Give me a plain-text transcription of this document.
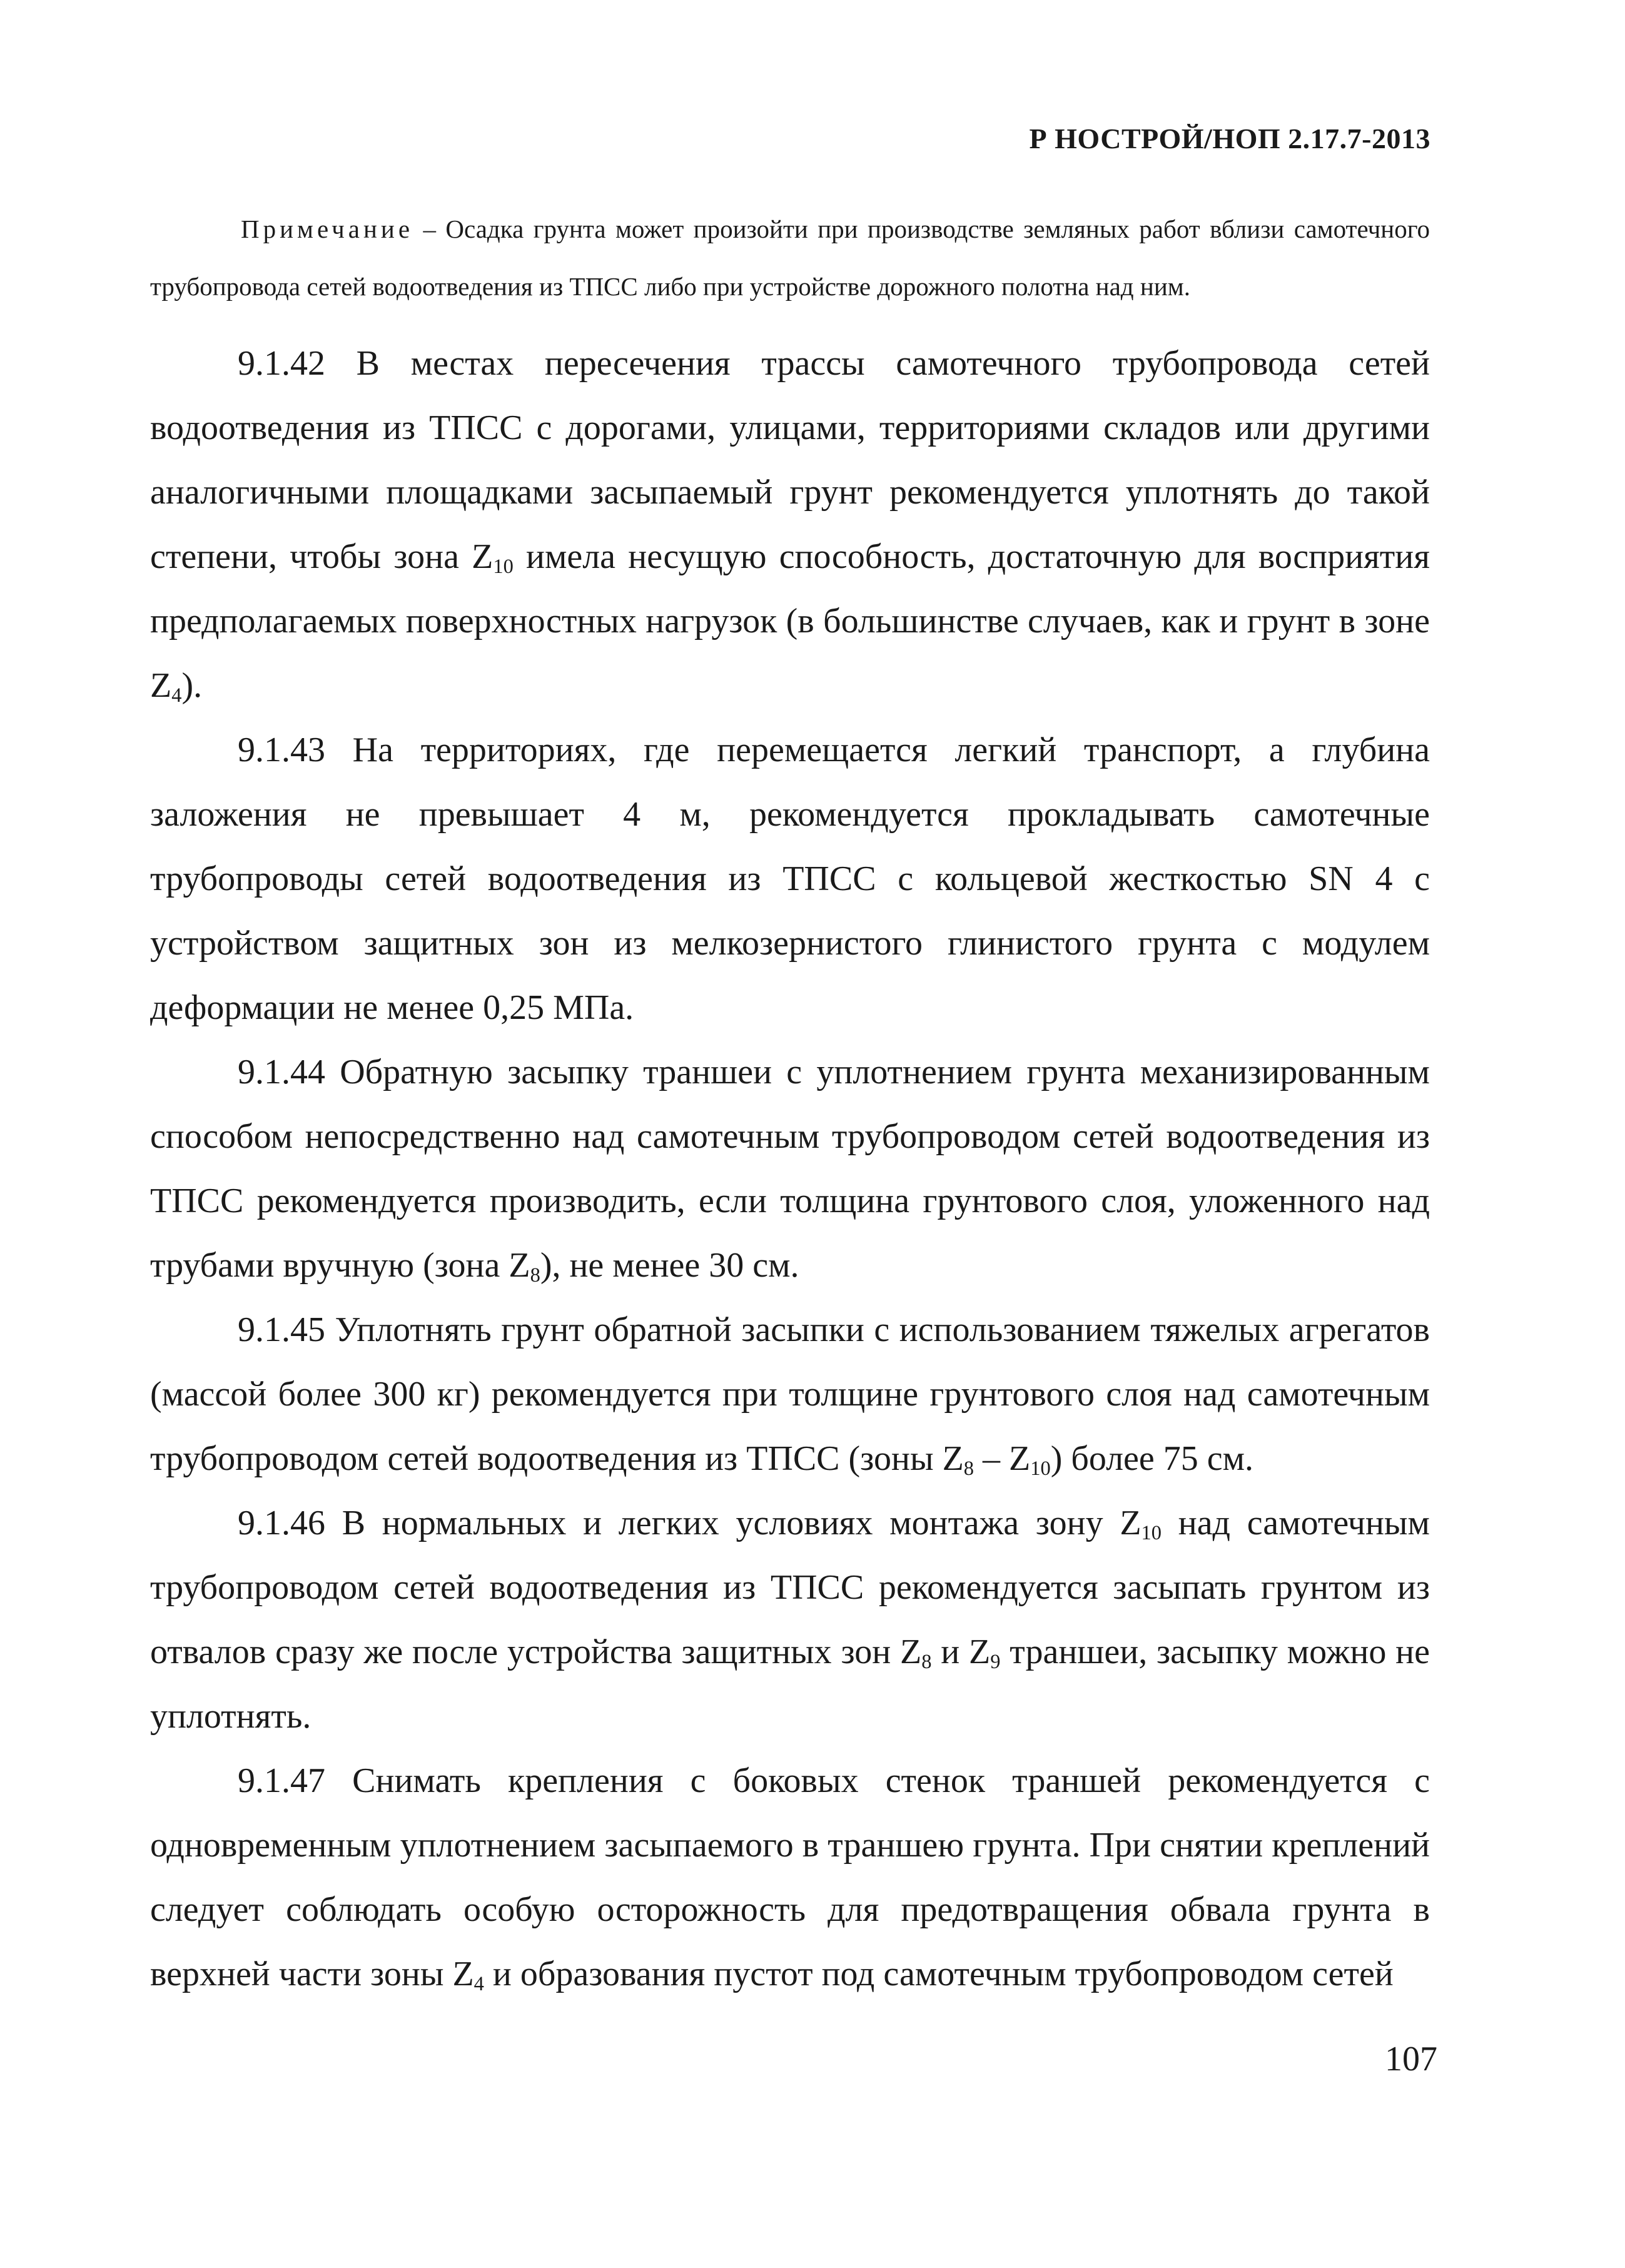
Р НОСТРОЙ/НОП 2.17.7-2013
Примечание – Осадка грунта может произойти при производстве земляных работ вблизи самотечного трубопровода сетей водоотведения из ТПСС либо при устройстве дорожного полотна над ним.

9.1.42 В местах пересечения трассы самотечного трубопровода сетей водоотведения из ТПСС с дорогами, улицами, территориями складов или другими аналогичными площадками засыпаемый грунт рекомендуется уплотнять до такой степени, чтобы зона $Z_{10}$ имела несущую способность, достаточную для восприятия предполагаемых поверхностных нагрузок (в большинстве случаев, как и грунт в зоне $Z_4$).

9.1.43 На территориях, где перемещается легкий транспорт, а глубина заложения не превышает 4 м, рекомендуется прокладывать самотечные трубопроводы сетей водоотведения из ТПСС с кольцевой жесткостью SN 4 с устройством защитных зон из мелкозернистого глинистого грунта с модулем деформации не менее 0,25 МПа.

9.1.44 Обратную засыпку траншеи с уплотнением грунта механизированным способом непосредственно над самотечным трубопроводом сетей водоотведения из ТПСС рекомендуется производить, если толщина грунтового слоя, уложенного над трубами вручную (зона $Z_8$), не менее 30 см.

9.1.45 Уплотнять грунт обратной засыпки с использованием тяжелых агрегатов (массой более 300 кг) рекомендуется при толщине грунтового слоя над самотечным трубопроводом сетей водоотведения из ТПСС (зоны $Z_8 - Z_{10}$) более 75 см.

9.1.46 В нормальных и легких условиях монтажа зону $Z_{10}$ над самотечным трубопроводом сетей водоотведения из ТПСС рекомендуется засыпать грунтом из отвалов сразу же после устройства защитных зон $Z_8$ и $Z_9$ траншеи, засыпку можно не уплотнять.

9.1.47 Снимать крепления с боковых стенок траншей рекомендуется с одновременным уплотнением засыпаемого в траншею грунта. При снятии креплений следует соблюдать особую осторожность для предотвращения обвала грунта в верхней части зоны $Z_4$ и образования пустот под самотечным трубопроводом сетей

107
